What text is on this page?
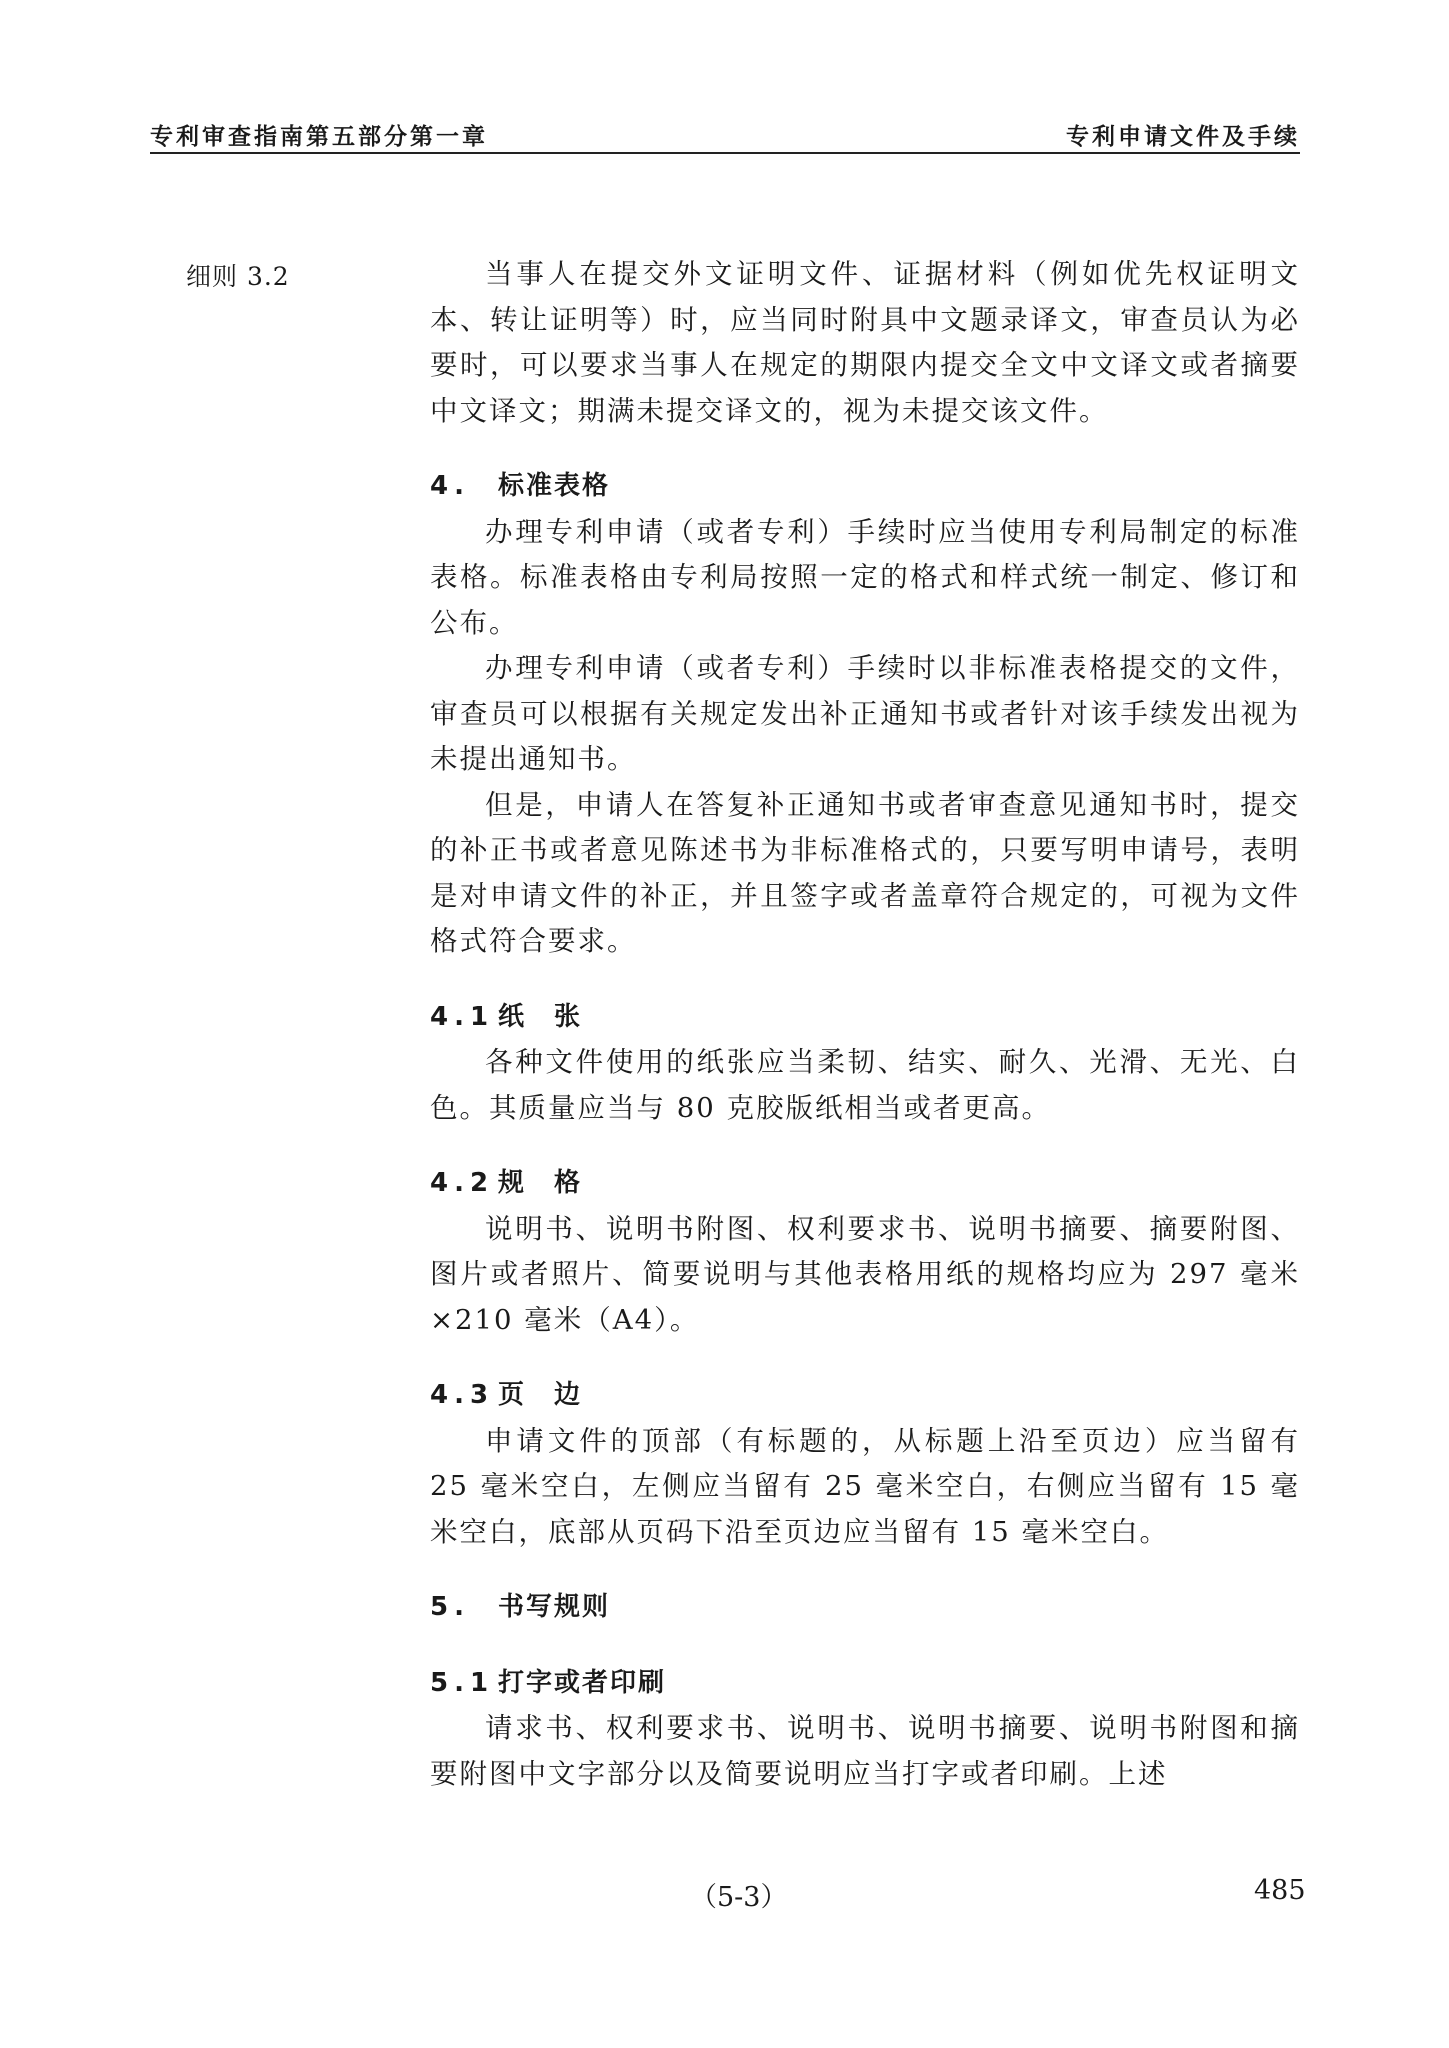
专利审查指南第五部分第一章	专利申请文件及手续
细则 3.2	当事人在提交外文证明文件、证据材料（例如优先权证明文本、转让证明等）时，应当同时附具中文题录译文，审查员认为必要时，可以要求当事人在规定的期限内提交全文中文译文或者摘要中文译文；期满未提交译文的，视为未提交该文件。

4. 标准表格

办理专利申请（或者专利）手续时应当使用专利局制定的标准表格。标准表格由专利局按照一定的格式和样式统一制定、修订和公布。

办理专利申请（或者专利）手续时以非标准表格提交的文件，审查员可以根据有关规定发出补正通知书或者针对该手续发出视为未提出通知书。

但是，申请人在答复补正通知书或者审查意见通知书时，提交的补正书或者意见陈述书为非标准格式的，只要写明申请号，表明是对申请文件的补正，并且签字或者盖章符合规定的，可视为文件格式符合要求。

4.1 纸张

各种文件使用的纸张应当柔韧、结实、耐久、光滑、无光、白色。其质量应当与 80 克胶版纸相当或者更高。

4.2 规格

说明书、说明书附图、权利要求书、说明书摘要、摘要附图、图片或者照片、简要说明与其他表格用纸的规格均应为 297 毫米×210 毫米（A4）。

4.3 页边

申请文件的顶部（有标题的，从标题上沿至页边）应当留有 25 毫米空白，左侧应当留有 25 毫米空白，右侧应当留有 15 毫米空白，底部从页码下沿至页边应当留有 15 毫米空白。

5. 书写规则

5.1 打字或者印刷

请求书、权利要求书、说明书、说明书摘要、说明书附图和摘要附图中文字部分以及简要说明应当打字或者印刷。上述

（5-3）	485
